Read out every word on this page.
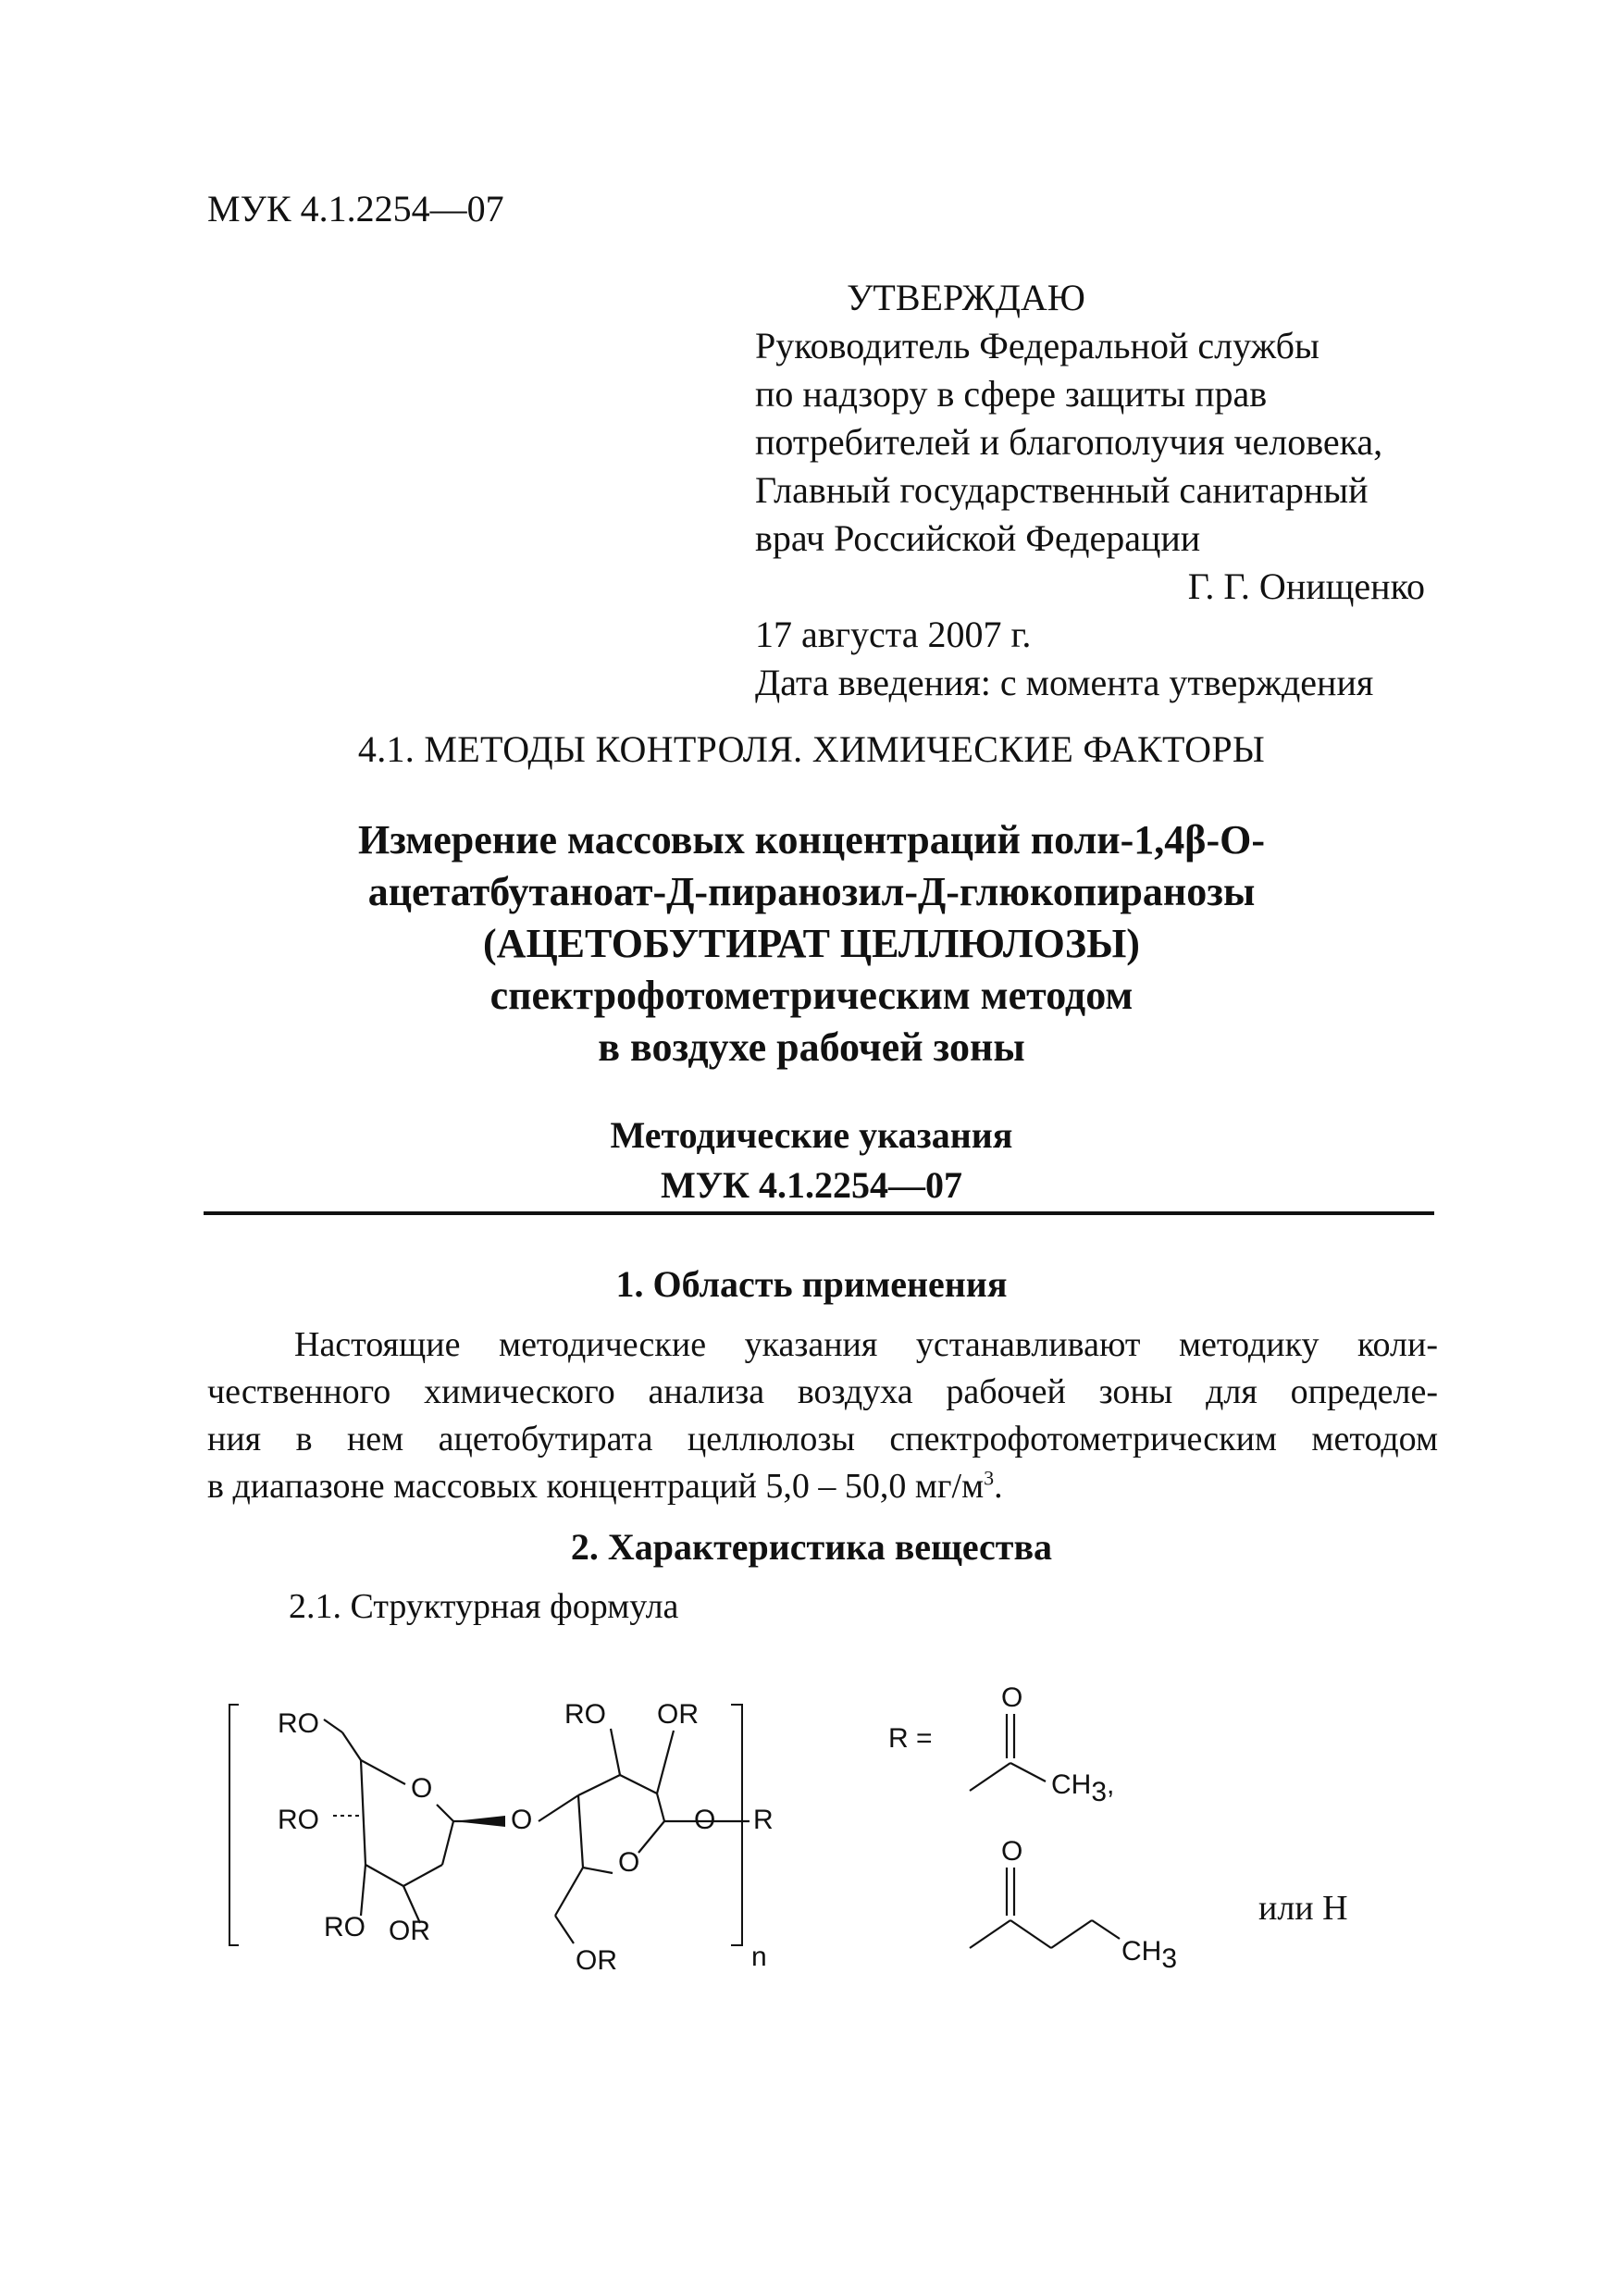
МУК 4.1.2254—07

УТВЕРЖДАЮ
Руководитель Федеральной службы
по надзору в сфере защиты прав
потребителей и благополучия человека,
Главный государственный санитарный
врач Российской Федерации
Г. Г. Онищенко
17 августа 2007 г.
Дата введения: с момента утверждения

4.1. МЕТОДЫ КОНТРОЛЯ. ХИМИЧЕСКИЕ ФАКТОРЫ

Измерение массовых концентраций поли-1,4β-O-
ацетатбутаноат-Д-пиранозил-Д-глюкопиранозы
(АЦЕТОБУТИРАТ ЦЕЛЛЮЛОЗЫ)
спектрофотометрическим методом
в воздухе рабочей зоны
Методические указания
МУК 4.1.2254—07
1. Область применения
Настоящие методические указания устанавливают методику коли-
чественного химического анализа воздуха рабочей зоны для определе-
ния в нем ацетобутирата целлюлозы спектрофотометрическим методом
в диапазоне массовых концентраций 5,0 – 50,0 $мг/м^3$.
2. Характеристика вещества

2.1. Структурная формула

RO
O
RO	O
RO OR
RO OR
O
O R
OR	n
R =
O
CH3,
O
CH3
или H
